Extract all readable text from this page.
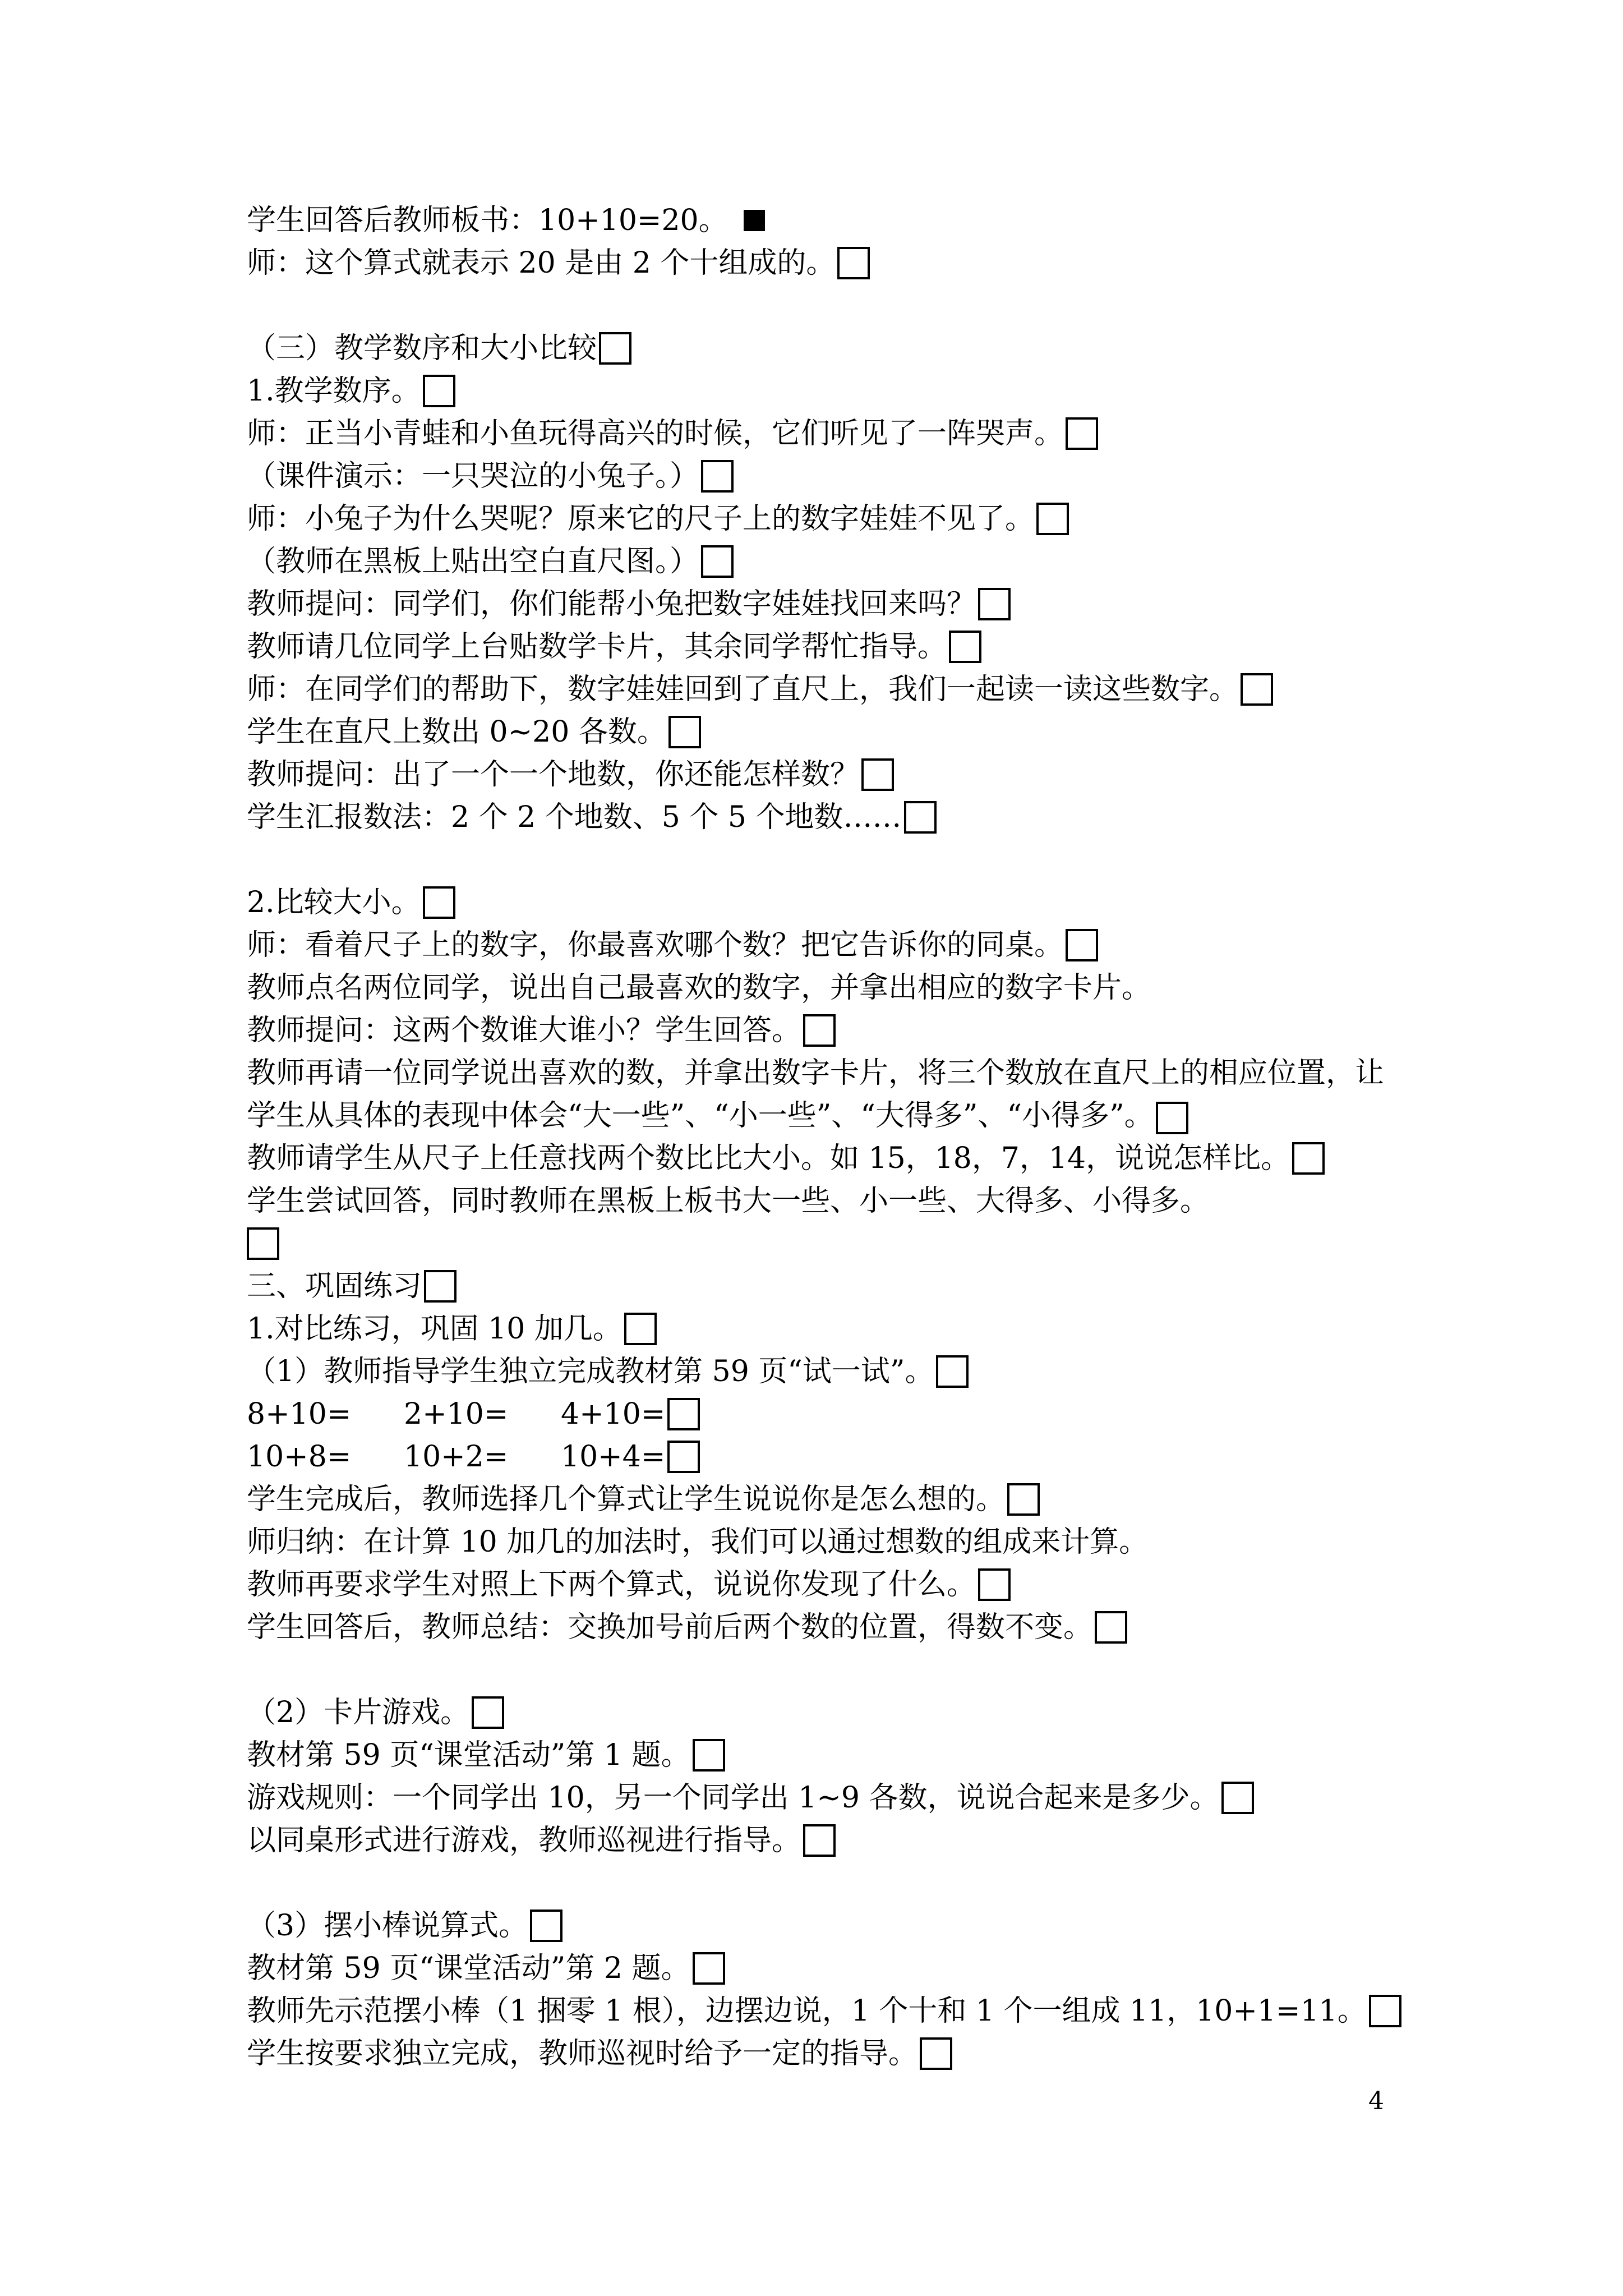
学生回答后教师板书：10+10=20。
师：这个算式就表示 20 是由 2 个十组成的。
（三）教学数序和大小比较
1.教学数序。
师：正当小青蛙和小鱼玩得高兴的时候，它们听见了一阵哭声。
（课件演示：一只哭泣的小兔子。）
师：小兔子为什么哭呢？原来它的尺子上的数字娃娃不见了。
（教师在黑板上贴出空白直尺图。）
教师提问：同学们，你们能帮小兔把数字娃娃找回来吗？
教师请几位同学上台贴数学卡片，其余同学帮忙指导。
师：在同学们的帮助下，数字娃娃回到了直尺上，我们一起读一读这些数字。
学生在直尺上数出 0~20 各数。
教师提问：出了一个一个地数，你还能怎样数？
学生汇报数法：2 个 2 个地数、5 个 5 个地数……
2.比较大小。
师：看着尺子上的数字，你最喜欢哪个数？把它告诉你的同桌。
教师点名两位同学，说出自己最喜欢的数字，并拿出相应的数字卡片。
教师提问：这两个数谁大谁小？学生回答。
教师再请一位同学说出喜欢的数，并拿出数字卡片，将三个数放在直尺上的相应位置，让学生从具体的表现中体会“大一些”、“小一些”、“大得多”、“小得多”。
教师请学生从尺子上任意找两个数比比大小。如 15，18，7，14，说说怎样比。
学生尝试回答，同时教师在黑板上板书大一些、小一些、大得多、小得多。
三、巩固练习
1.对比练习，巩固 10 加几。
（1）教师指导学生独立完成教材第 59 页“试一试”。
8+10=	2+10=	4+10=
10+8=	10+2=	10+4=
学生完成后，教师选择几个算式让学生说说你是怎么想的。
师归纳：在计算 10 加几的加法时，我们可以通过想数的组成来计算。
教师再要求学生对照上下两个算式，说说你发现了什么。
学生回答后，教师总结：交换加号前后两个数的位置，得数不变。
（2）卡片游戏。
教材第 59 页“课堂活动”第 1 题。
游戏规则：一个同学出 10，另一个同学出 1~9 各数，说说合起来是多少。
以同桌形式进行游戏，教师巡视进行指导。
（3）摆小棒说算式。
教材第 59 页“课堂活动”第 2 题。
教师先示范摆小棒（1 捆零 1 根），边摆边说，1 个十和 1 个一组成 11，10+1=11。
学生按要求独立完成，教师巡视时给予一定的指导。
4
